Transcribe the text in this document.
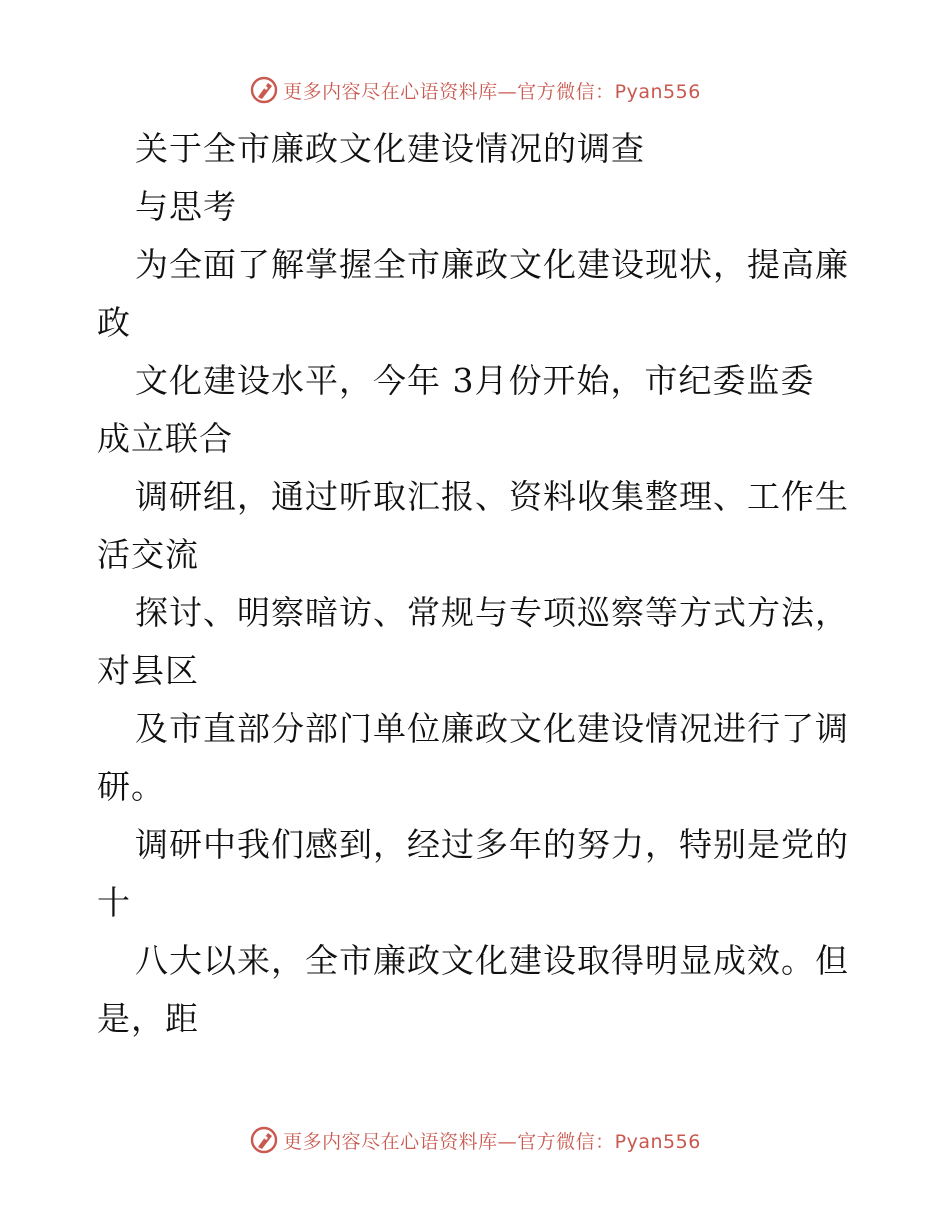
更多内容尽在心语资料库—官方微信：Pyan556
关于全市廉政文化建设情况的调查
与思考
为全面了解掌握全市廉政文化建设现状，提高廉
政
文化建设水平，今年 3月份开始，市纪委监委
成立联合
调研组，通过听取汇报、资料收集整理、工作生
活交流
探讨、明察暗访、常规与专项巡察等方式方法，
对县区
及市直部分部门单位廉政文化建设情况进行了调
研。
调研中我们感到，经过多年的努力，特别是党的
十
八大以来，全市廉政文化建设取得明显成效。但
是，距
更多内容尽在心语资料库—官方微信：Pyan556
